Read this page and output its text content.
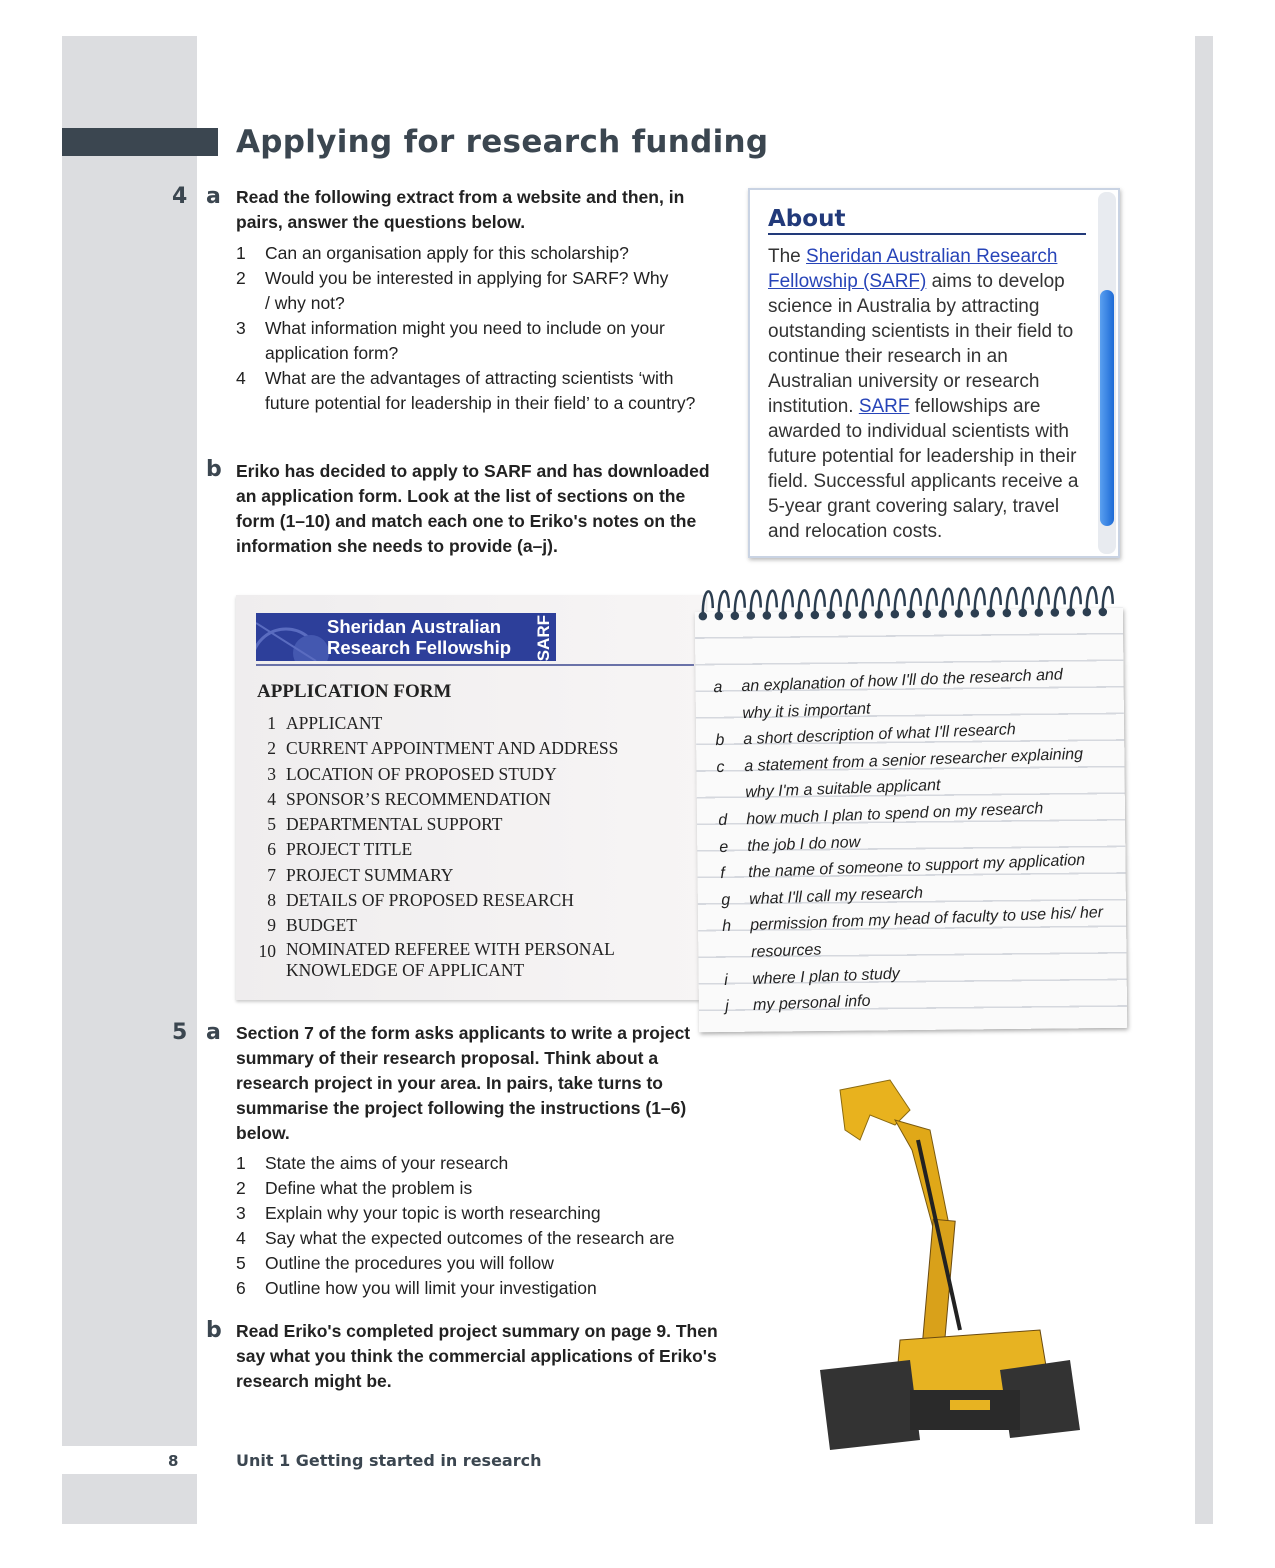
Applying for research funding
4 a Read the following extract from a website and then, in pairs, answer the questions below.
1	Can an organisation apply for this scholarship?
2	Would you be interested in applying for SARF? Why / why not?
3	What information might you need to include on your application form?
4	What are the advantages of attracting scientists ‘with future potential for leadership in their field’ to a country?
b Eriko has decided to apply to SARF and has downloaded an application form. Look at the list of sections on the form (1–10) and match each one to Eriko's notes on the information she needs to provide (a–j).
About

The Sheridan Australian Research Fellowship (SARF) aims to develop science in Australia by attracting outstanding scientists in their field to continue their research in an Australian university or research institution. SARF fellowships are awarded to individual scientists with future potential for leadership in their field. Successful applicants receive a 5-year grant covering salary, travel and relocation costs.

Sheridan Australian
Research Fellowship	SARF
APPLICATION FORM
1 APPLICANT
2 CURRENT APPOINTMENT AND ADDRESS
3 LOCATION OF PROPOSED STUDY
4 SPONSOR’S RECOMMENDATION
5 DEPARTMENTAL SUPPORT
6 PROJECT TITLE
7 PROJECT SUMMARY
8 DETAILS OF PROPOSED RESEARCH
9 BUDGET
10 NOMINATED REFEREE WITH PERSONAL KNOWLEDGE OF APPLICANT
a	an explanation of how I'll do the research and why it is important
b	a short description of what I'll research
c	a statement from a senior researcher explaining why I'm a suitable applicant
d	how much I plan to spend on my research
e	the job I do now
f	the name of someone to support my application
g	what I'll call my research
h	permission from my head of faculty to use his/ her resources
i	where I plan to study
j	my personal info
5 a Section 7 of the form asks applicants to write a project summary of their research proposal. Think about a research project in your area. In pairs, take turns to summarise the project following the instructions (1–6) below.
1	State the aims of your research
2	Define what the problem is
3	Explain why your topic is worth researching
4	Say what the expected outcomes of the research are
5	Outline the procedures you will follow
6	Outline how you will limit your investigation
b Read Eriko's completed project summary on page 9. Then say what you think the commercial applications of Eriko's research might be.
8	Unit 1 Getting started in research
